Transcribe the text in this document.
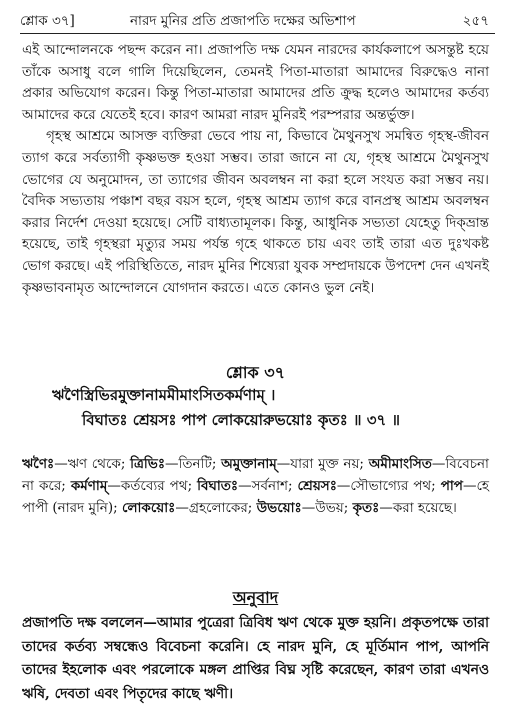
শ্লোক ৩৭]	নারদ মুনির প্রতি প্রজাপতি দক্ষের অভিশাপ	২৫৭

এই আন্দোলনকে পছন্দ করেন না। প্রজাপতি দক্ষ যেমন নারদের কার্যকলাপে অসন্তুষ্ট হয়ে তাঁকে অসাধু বলে গালি দিয়েছিলেন, তেমনই পিতা-মাতারা আমাদের বিরুদ্ধেও নানা প্রকার অভিযোগ করেন। কিন্তু পিতা-মাতারা আমাদের প্রতি ক্রুদ্ধ হলেও আমাদের কর্তব্য আমাদের করে যেতেই হবে। কারণ আমরা নারদ মুনিরই পরম্পরার অন্তর্ভুক্ত।

গৃহস্থ আশ্রমে আসক্ত ব্যক্তিরা ভেবে পায় না, কিভাবে মৈথুনসুখ সমন্বিত গৃহস্থ-জীবন ত্যাগ করে সর্বত্যাগী কৃষ্ণভক্ত হওয়া সম্ভব। তারা জানে না যে, গৃহস্থ আশ্রমে মৈথুনসুখ ভোগের যে অনুমোদন, তা ত্যাগের জীবন অবলম্বন না করা হলে সংযত করা সম্ভব নয়। বৈদিক সভ্যতায় পঞ্চাশ বছর বয়স হলে, গৃহস্থ আশ্রম ত্যাগ করে বানপ্রস্থ আশ্রম অবলম্বন করার নির্দেশ দেওয়া হয়েছে। সেটি বাধ্যতামূলক। কিন্তু, আধুনিক সভ্যতা যেহেতু দিক্‌ভ্রান্ত হয়েছে, তাই গৃহস্থরা মৃত্যুর সময় পর্যন্ত গৃহে থাকতে চায় এবং তাই তারা এত দুঃখকষ্ট ভোগ করছে। এই পরিস্থিতিতে, নারদ মুনির শিষ্যেরা যুবক সম্প্রদায়কে উপদেশ দেন এখনই কৃষ্ণভাবনামৃত আন্দোলনে যোগদান করতে। এতে কোনও ভুল নেই।

শ্লোক ৩৭
ঋণৈস্ত্রিভিরমুক্তানামমীমাংসিতকর্মণাম্‌ ।
বিঘাতঃ শ্রেয়সঃ পাপ লোকয়োরুভয়োঃ কৃতঃ ॥ ৩৭ ॥

ঋণৈঃ—ঋণ থেকে; ত্রিভিঃ—তিনটি; অমুক্তানাম্‌—যারা মুক্ত নয়; অমীমাংসিত—বিবেচনা না করে; কর্মণাম্‌—কর্তব্যের পথ; বিঘাতঃ—সর্বনাশ; শ্রেয়সঃ—সৌভাগ্যের পথ; পাপ—হে পাপী (নারদ মুনি); লোকয়োঃ—গ্রহলোকের; উভয়োঃ—উভয়; কৃতঃ—করা হয়েছে।

অনুবাদ

প্রজাপতি দক্ষ বললেন—আমার পুত্রেরা ত্রিবিধ ঋণ থেকে মুক্ত হয়নি। প্রকৃতপক্ষে তারা তাদের কর্তব্য সম্বন্ধেও বিবেচনা করেনি। হে নারদ মুনি, হে মূর্তিমান পাপ, আপনি তাদের ইহলোক এবং পরলোকে মঙ্গল প্রাপ্তির বিঘ্ন সৃষ্টি করেছেন, কারণ তারা এখনও ঋষি, দেবতা এবং পিতৃদের কাছে ঋণী।
